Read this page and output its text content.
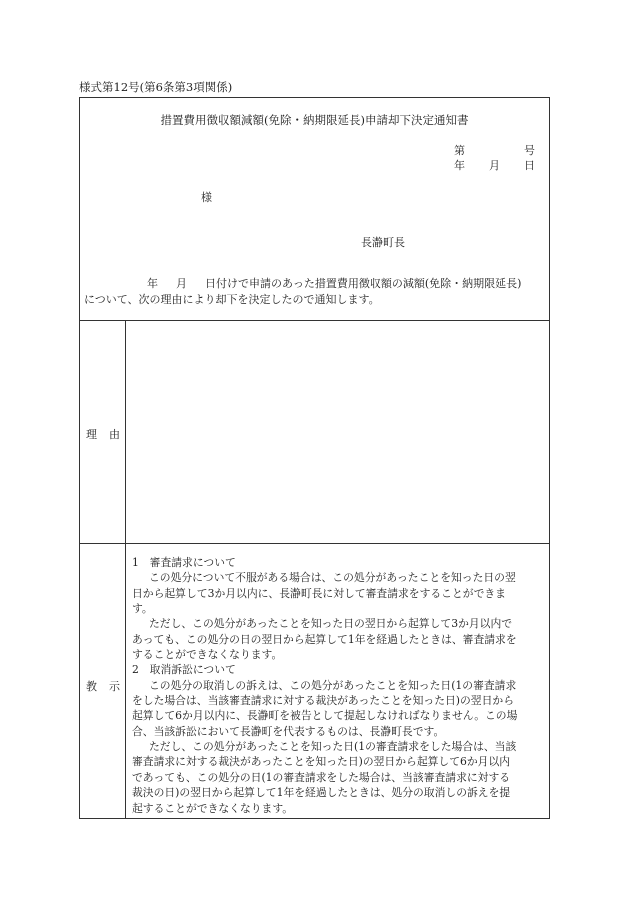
様式第12号(第6条第3項関係)
措置費用徴収額減額(免除・納期限延長)申請却下決定通知書
第	号
年 月 日
様
長瀞町長
年 月 日付けで申請のあった措置費用徴収額の減額(免除・納期限延長)
について、次の理由により却下を決定したので通知します。
理 由
教 示
1　審査請求について
この処分について不服がある場合は、この処分があったことを知った日の翌
日から起算して3か月以内に、長瀞町長に対して審査請求をすることができま
す。
ただし、この処分があったことを知った日の翌日から起算して3か月以内で
あっても、この処分の日の翌日から起算して1年を経過したときは、審査請求を
することができなくなります。
2　取消訴訟について
この処分の取消しの訴えは、この処分があったことを知った日(1の審査請求
をした場合は、当該審査請求に対する裁決があったことを知った日)の翌日から
起算して6か月以内に、長瀞町を被告として提起しなければなりません。この場
合、当該訴訟において長瀞町を代表するものは、長瀞町長です。
ただし、この処分があったことを知った日(1の審査請求をした場合は、当該
審査請求に対する裁決があったことを知った日)の翌日から起算して6か月以内
であっても、この処分の日(1の審査請求をした場合は、当該審査請求に対する
裁決の日)の翌日から起算して1年を経過したときは、処分の取消しの訴えを提
起することができなくなります。
